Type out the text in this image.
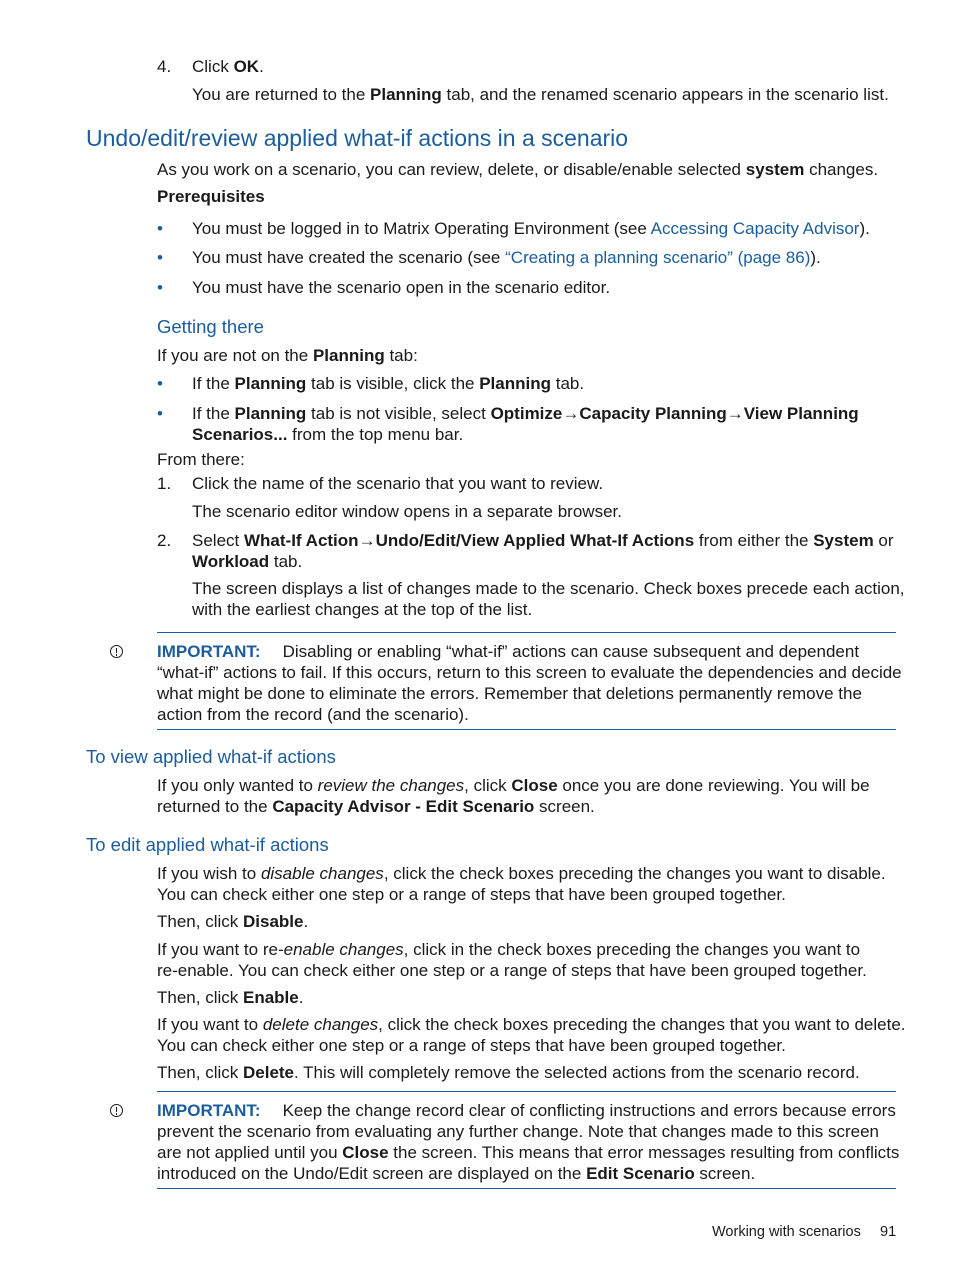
4. Click OK.
You are returned to the Planning tab, and the renamed scenario appears in the scenario list.
Undo/edit/review applied what-if actions in a scenario
As you work on a scenario, you can review, delete, or disable/enable selected system changes.
Prerequisites
• You must be logged in to Matrix Operating Environment (see Accessing Capacity Advisor).
• You must have created the scenario (see “Creating a planning scenario” (page 86)).
• You must have the scenario open in the scenario editor.
Getting there
If you are not on the Planning tab:
• If the Planning tab is visible, click the Planning tab.
• If the Planning tab is not visible, select Optimize→Capacity Planning→View Planning
Scenarios... from the top menu bar.
From there:
1. Click the name of the scenario that you want to review.
The scenario editor window opens in a separate browser.
2. Select What-If Action→Undo/Edit/View Applied What-If Actions from either the System or
Workload tab.
The screen displays a list of changes made to the scenario. Check boxes precede each action,
with the earliest changes at the top of the list.
IMPORTANT: Disabling or enabling “what-if” actions can cause subsequent and dependent
“what-if” actions to fail. If this occurs, return to this screen to evaluate the dependencies and decide
what might be done to eliminate the errors. Remember that deletions permanently remove the
action from the record (and the scenario).
To view applied what-if actions
If you only wanted to review the changes, click Close once you are done reviewing. You will be
returned to the Capacity Advisor - Edit Scenario screen.
To edit applied what-if actions
If you wish to disable changes, click the check boxes preceding the changes you want to disable.
You can check either one step or a range of steps that have been grouped together.
Then, click Disable.
If you want to re-enable changes, click in the check boxes preceding the changes you want to
re-enable. You can check either one step or a range of steps that have been grouped together.
Then, click Enable.
If you want to delete changes, click the check boxes preceding the changes that you want to delete.
You can check either one step or a range of steps that have been grouped together.
Then, click Delete. This will completely remove the selected actions from the scenario record.
IMPORTANT: Keep the change record clear of conflicting instructions and errors because errors
prevent the scenario from evaluating any further change. Note that changes made to this screen
are not applied until you Close the screen. This means that error messages resulting from conflicts
introduced on the Undo/Edit screen are displayed on the Edit Scenario screen.
Working with scenarios 91
